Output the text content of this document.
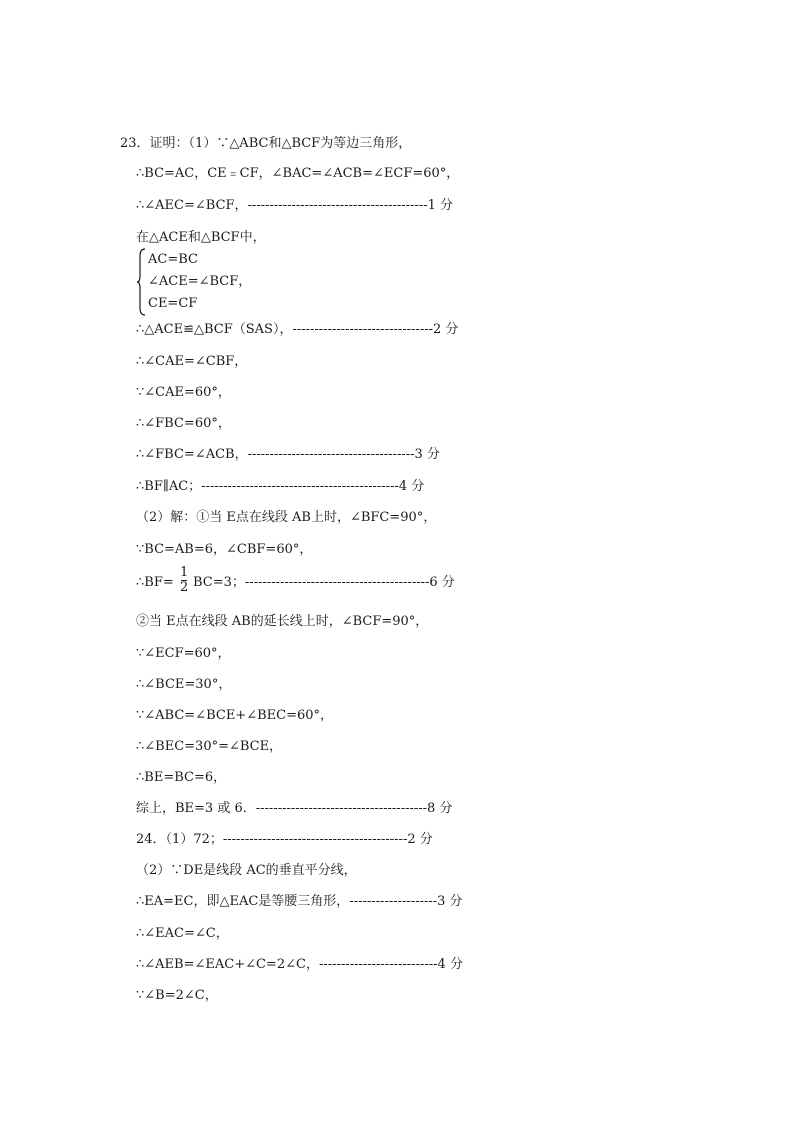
23．证明：（1）∵△ABC和△BCF为等边三角形，
∴BC=AC，CE﹦CF，∠BAC=∠ACB=∠ECF=60°，
∴∠AEC=∠BCF，-----------------------------------------1 分
在△ACE和△BCF中，
AC=BC
∠ACE=∠BCF，
CE=CF
∴△ACE≌△BCF（SAS），--------------------------------2 分
∴∠CAE=∠CBF，
∵∠CAE=60°，
∴∠FBC=60°，
∴∠FBC=∠ACB，--------------------------------------3 分
∴BF∥AC；---------------------------------------------4 分
（2）解：①当 E点在线段 AB上时，∠BFC=90°，
∵BC=AB=6，∠CBF=60°，
∴BF=
1
2 BC=3；------------------------------------------6 分
②当 E点在线段 AB的延长线上时，∠BCF=90°，
∵∠ECF=60°，
∴∠BCE=30°，
∵∠ABC=∠BCE+∠BEC=60°，
∴∠BEC=30°=∠BCE，
∴BE=BC=6，
综上，BE=3 或 6．---------------------------------------8 分
24．（1）72；------------------------------------------2 分
（2）∵DE是线段 AC的垂直平分线，
∴EA=EC，即△EAC是等腰三角形，--------------------3 分
∴∠EAC=∠C，
∴∠AEB=∠EAC+∠C=2∠C，---------------------------4 分
∵∠B=2∠C，
